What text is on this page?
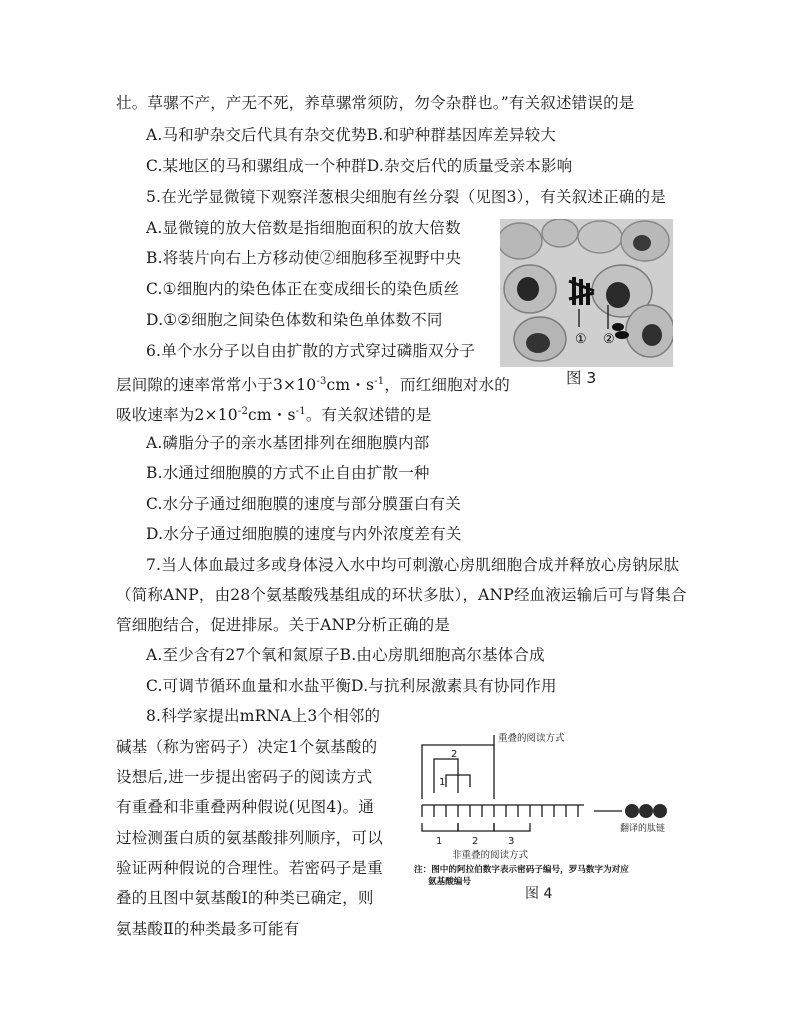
壮。草骡不产，产无不死，养草骡常须防，勿令杂群也。”有关叙述错误的是
A.马和驴杂交后代具有杂交优势B.和驴种群基因库差异较大
C.某地区的马和骡组成一个种群D.杂交后代的质量受亲本影响
5.在光学显微镜下观察洋葱根尖细胞有丝分裂（见图3），有关叙述正确的是
A.显微镜的放大倍数是指细胞面积的放大倍数
B.将装片向右上方移动使②细胞移至视野中央
C.①细胞内的染色体正在变成细长的染色质丝
D.①②细胞之间染色体数和染色单体数不同
① ②
图 3
6.单个水分子以自由扩散的方式穿过磷脂双分子
层间隙的速率常常小于$3\times 10^{-3}cm$・$s^{-1}$，而红细胞对水的
吸收速率为$2\times 10^{-2}cm$・$s^{-1}$。有关叙述错的是
A.磷脂分子的亲水基团排列在细胞膜内部
B.水通过细胞膜的方式不止自由扩散一种
C.水分子通过细胞膜的速度与部分膜蛋白有关
D.水分子通过细胞膜的速度与内外浓度差有关
7.当人体血最过多或身体浸入水中均可刺激心房肌细胞合成并释放心房钠尿肽
（简称ANP，由28个氨基酸残基组成的环状多肽），ANP经血液运输后可与肾集合
管细胞结合，促进排尿。关于ANP分析正确的是
A.至少含有27个氧和氮原子B.由心房肌细胞高尔基体合成
C.可调节循环血量和水盐平衡D.与抗利尿激素具有协同作用
8.科学家提出mRNA上3个相邻的
碱基（称为密码子）决定1个氨基酸的
设想后,进一步提出密码子的阅读方式
有重叠和非重叠两种假说(见图4)。通
过检测蛋白质的氨基酸排列顺序，可以
验证两种假说的合理性。若密码子是重
叠的且图中氨基酸Ⅰ的种类已确定，则
氨基酸Ⅱ的种类最多可能有
重叠的阅读方式
2
1
1	2	3
非重叠的阅读方式
翻译的肽链
注：图中的阿拉伯数字表示密码子编号，罗马数字为对应
氨基酸编号
图 4
